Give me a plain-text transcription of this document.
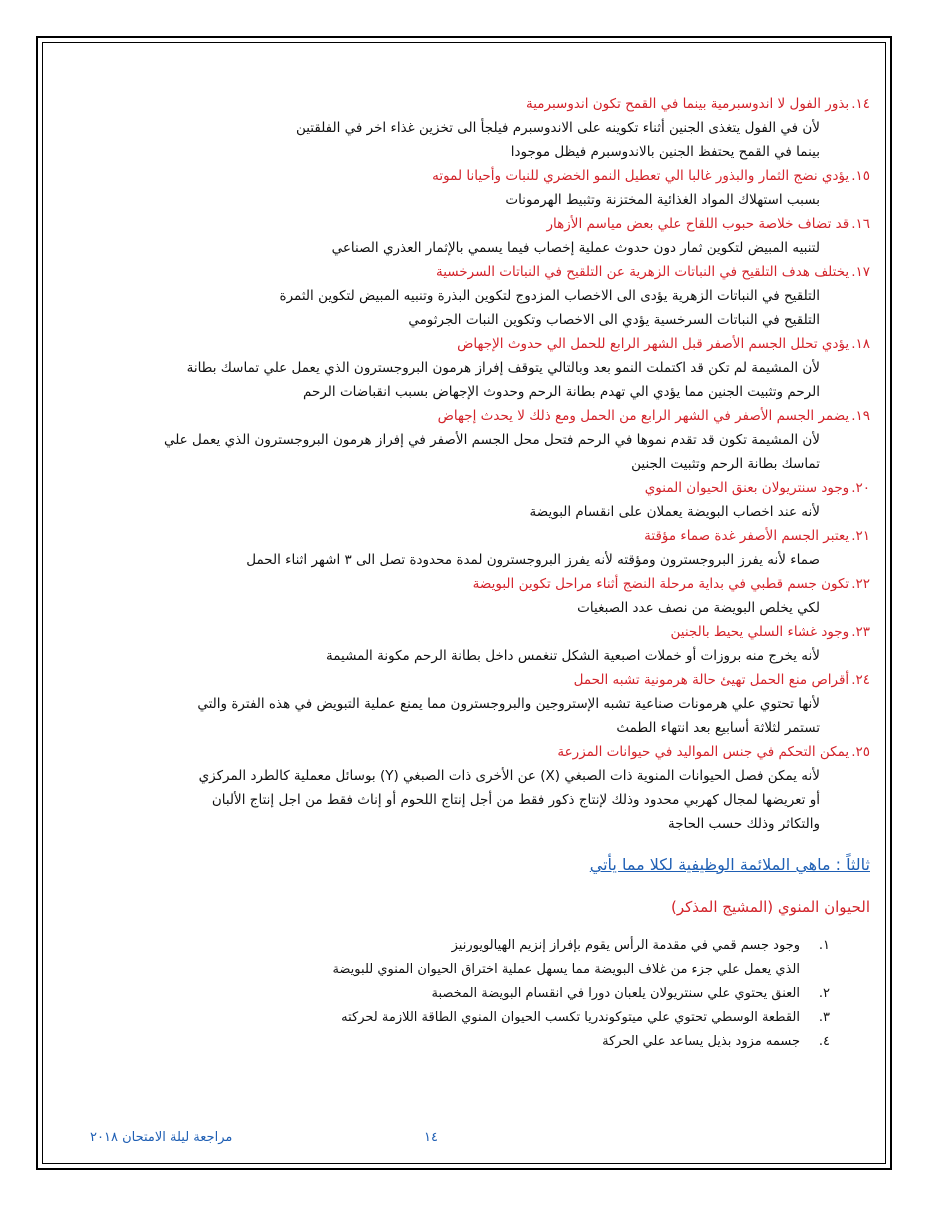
١٤.بذور الفول لا اندوسبرمية بينما في القمح تكون اندوسبرمية
لأن في الفول يتغذى الجنين أثناء تكوينه على الاندوسبرم فيلجأ الى تخزين غذاء اخر في الفلقتين
بينما في القمح يحتفظ الجنين بالاندوسبرم فيظل موجودا
١٥.يؤدي نضج الثمار والبذور غالبا الي تعطيل النمو الخضري للنبات وأحيانا لموته
بسبب استهلاك المواد الغذائية المختزنة وتثبيط الهرمونات
١٦.قد تضاف خلاصة حبوب اللقاح علي بعض مياسم الأزهار
لتنبيه المبيض لتكوين ثمار دون حدوث عملية إخصاب فيما يسمي بالإثمار العذري الصناعي
١٧.يختلف هدف التلقيح في النباتات الزهرية عن التلقيح في النباتات السرخسية
التلقيح في النباتات الزهرية يؤدى الى الاخصاب المزدوج لتكوين البذرة وتنبيه المبيض لتكوين الثمرة
التلقيح في النباتات السرخسية يؤدي الى الاخصاب وتكوين النبات الجرثومي
١٨.يؤدي تحلل الجسم الأصفر قبل الشهر الرابع للحمل الي حدوث الإجهاض
لأن المشيمة لم تكن قد اكتملت النمو بعد وبالتالي يتوقف إفراز هرمون البروجسترون الذي يعمل علي تماسك بطانة
الرحم وتثبيت الجنين مما يؤدي الي تهدم بطانة الرحم وحدوث الإجهاض بسبب انقباضات الرحم
١٩.يضمر الجسم الأصفر في الشهر الرابع من الحمل ومع ذلك لا يحدث إجهاض
لأن المشيمة تكون قد تقدم نموها في الرحم فتحل محل الجسم الأصفر في إفراز هرمون البروجسترون الذي يعمل علي
تماسك بطانة الرحم وتثبيت الجنين
٢٠.وجود سنتريولان بعنق الحيوان المنوي
لأنه عند اخصاب البويضة يعملان على انقسام البويضة
٢١.يعتبر الجسم الأصفر غدة صماء مؤقتة
صماء لأنه يفرز البروجسترون ومؤقته لأنه يفرز البروجسترون لمدة محدودة تصل الى ٣ اشهر اثناء الحمل
٢٢.تكون جسم قطبي في بداية مرحلة النضج أثناء مراحل تكوين البويضة
لكي يخلص البويضة من نصف عدد الصبغيات
٢٣.وجود غشاء السلي يحيط بالجنين
لأنه يخرج منه بروزات أو خملات اصبعية الشكل تنغمس داخل بطانة الرحم مكونة المشيمة
٢٤.أقراص منع الحمل تهيئ حالة هرمونية تشبه الحمل
لأنها تحتوي علي هرمونات صناعية تشبه الإستروجين والبروجسترون مما يمنع عملية التبويض في هذه الفترة والتي
تستمر لثلاثة أسابيع بعد انتهاء الطمث
٢٥.يمكن التحكم في جنس المواليد في حيوانات المزرعة
لأنه يمكن فصل الحيوانات المنوية ذات الصبغي (X) عن الأخرى ذات الصبغي (Y) بوسائل معملية كالطرد المركزي
أو تعريضها لمجال كهربي محدود وذلك لإنتاج ذكور فقط من أجل إنتاج اللحوم أو إناث فقط من اجل إنتاج الألبان
والتكاثر وذلك حسب الحاجة
ثالثاً : ماهي الملائمة الوظيفية لكلا مما يأتي
الحيوان المنوي (المشيج المذكر)
١.وجود جسم قمي في مقدمة الرأس يقوم بإفراز إنزيم الهيالويورنيز
الذي يعمل علي جزء من غلاف البويضة مما يسهل عملية اختراق الحيوان المنوي للبويضة
٢.العنق يحتوي علي سنتريولان يلعبان دورا في انقسام البويضة المخصبة
٣.القطعة الوسطي تحتوي علي ميتوكوندريا تكسب الحيوان المنوي الطاقة اللازمة لحركته
٤.جسمه مزود بذيل يساعد علي الحركة
١٤
مراجعة ليلة الامتحان ٢٠١٨
